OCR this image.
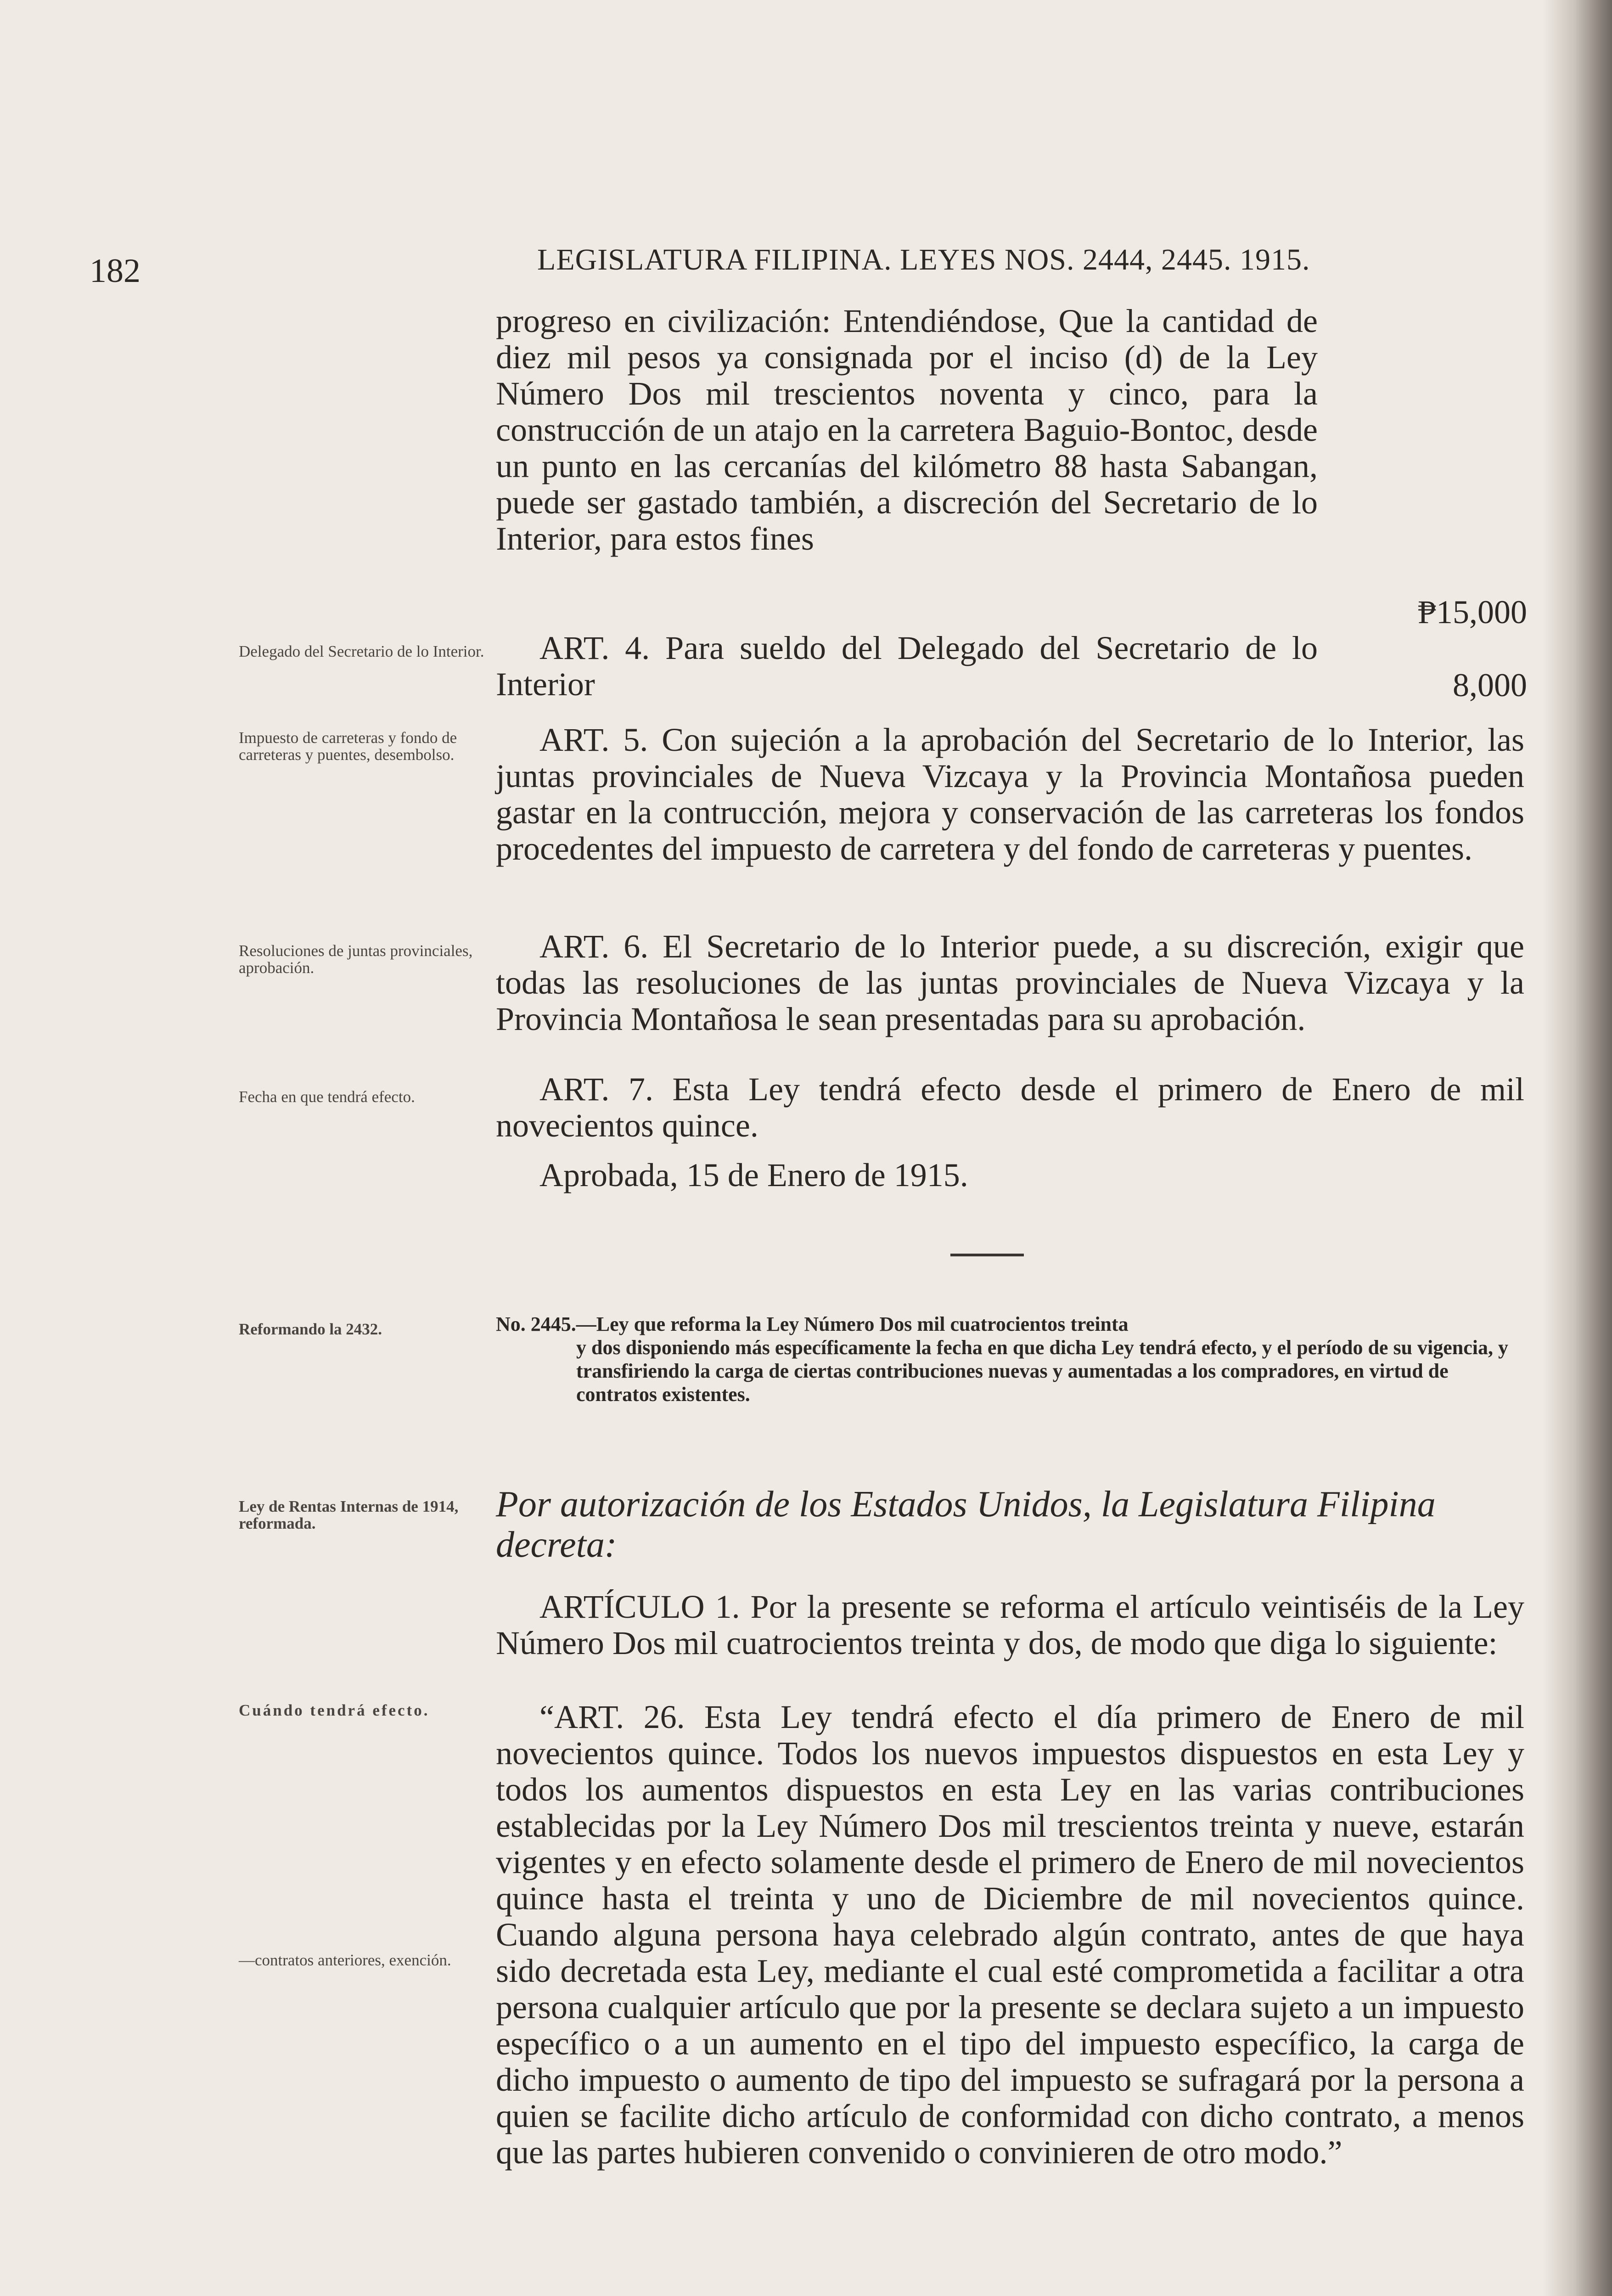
182	LEGISLATURA FILIPINA. LEYES NOS. 2444, 2445. 1915.

progreso en civilización: Entendiéndose, Que la cantidad de diez mil pesos ya consignada por el inciso (d) de la Ley Número Dos mil trescientos noventa y cinco, para la construcción de un atajo en la carretera Baguio-Bontoc, desde un punto en las cercanías del kilómetro 88 hasta Sabangan, puede ser gastado también, a discreción del Secretario de lo Interior, para estos fines

₱15,000

ART. 4. Para sueldo del Delegado del Secretario de lo Interior	8,000

ART. 5. Con sujeción a la aprobación del Secretario de lo Interior, las juntas provinciales de Nueva Vizcaya y la Provincia Montañosa pueden gastar en la contrucción, mejora y conservación de las carreteras los fondos procedentes del impuesto de carretera y del fondo de carreteras y puentes.

ART. 6. El Secretario de lo Interior puede, a su discreción, exigir que todas las resoluciones de las juntas provinciales de Nueva Vizcaya y la Provincia Montañosa le sean presentadas para su aprobación.

ART. 7. Esta Ley tendrá efecto desde el primero de Enero de mil novecientos quince.

Aprobada, 15 de Enero de 1915.
No. 2445.—Ley que reforma la Ley Número Dos mil cuatrocientos treinta
y dos disponiendo más específicamente la fecha en que dicha Ley tendrá efecto, y el período de su vigencia, y transfiriendo la carga de ciertas contribuciones nuevas y aumentadas a los compradores, en virtud de contratos existentes.
Por autorización de los Estados Unidos, la Legislatura Filipina decreta:

ARTÍCULO 1. Por la presente se reforma el artículo veintiséis de la Ley Número Dos mil cuatrocientos treinta y dos, de modo que diga lo siguiente:

“ART. 26. Esta Ley tendrá efecto el día primero de Enero de mil novecientos quince. Todos los nuevos impuestos dispuestos en esta Ley y todos los aumentos dispuestos en esta Ley en las varias contribuciones establecidas por la Ley Número Dos mil trescientos treinta y nueve, estarán vigentes y en efecto solamente desde el primero de Enero de mil novecientos quince hasta el treinta y uno de Diciembre de mil novecientos quince. Cuando alguna persona haya celebrado algún contrato, antes de que haya sido decretada esta Ley, mediante el cual esté comprometida a facilitar a otra persona cualquier artículo que por la presente se declara sujeto a un impuesto específico o a un aumento en el tipo del impuesto específico, la carga de dicho impuesto o aumento de tipo del impuesto se sufragará por la persona a quien se facilite dicho artículo de conformidad con dicho contrato, a menos que las partes hubieren convenido o convinieren de otro modo.”

Delegado del Secretario de lo Interior.
Impuesto de carreteras y fondo de carreteras y puentes, desembolso.
Resoluciones de juntas provinciales, aprobación.
Fecha en que tendrá efecto.
Reformando la 2432.
Ley de Rentas Internas de 1914, reformada.
Cuándo tendrá efecto.
—contratos anteriores, exención.
